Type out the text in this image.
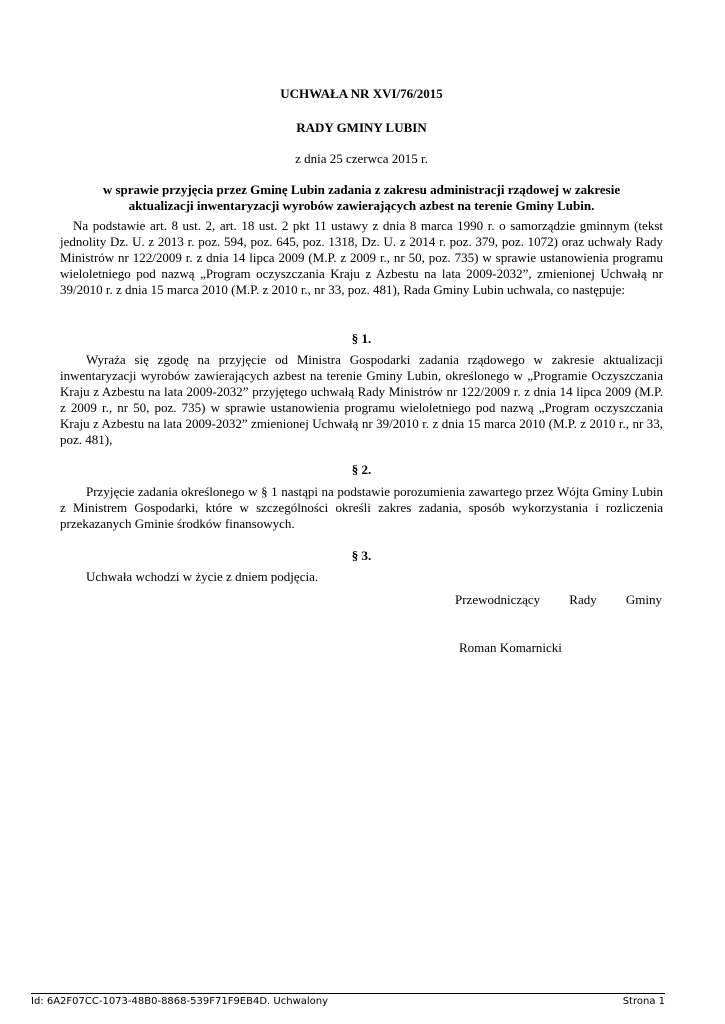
UCHWAŁA NR XVI/76/2015
RADY GMINY LUBIN
z dnia 25 czerwca 2015 r.
w sprawie przyjęcia przez Gminę Lubin zadania z zakresu administracji rządowej w zakresie
aktualizacji inwentaryzacji wyrobów zawierających azbest na terenie Gminy Lubin.
Na podstawie art. 8 ust. 2, art. 18 ust. 2 pkt 11 ustawy z dnia 8 marca 1990 r. o samorządzie gminnym (tekst jednolity Dz. U. z 2013 r. poz. 594, poz. 645, poz. 1318, Dz. U. z 2014 r. poz. 379, poz. 1072) oraz uchwały Rady Ministrów nr 122/2009 r. z dnia 14 lipca 2009 (M.P. z 2009 r., nr 50, poz. 735) w sprawie ustanowienia programu wieloletniego pod nazwą „Program oczyszczania Kraju z Azbestu na lata 2009-2032”, zmienionej Uchwałą nr 39/2010 r. z dnia 15 marca 2010 (M.P. z 2010 r., nr 33, poz. 481), Rada Gminy Lubin uchwala, co następuje:
§ 1.
Wyraża się zgodę na przyjęcie od Ministra Gospodarki zadania rządowego w zakresie aktualizacji inwentaryzacji wyrobów zawierających azbest na terenie Gminy Lubin, określonego w „Programie Oczyszczania Kraju z Azbestu na lata 2009-2032” przyjętego uchwałą Rady Ministrów nr 122/2009 r. z dnia 14 lipca 2009 (M.P. z 2009 r., nr 50, poz. 735) w sprawie ustanowienia programu wieloletniego pod nazwą „Program oczyszczania Kraju z Azbestu na lata 2009-2032” zmienionej Uchwałą nr 39/2010 r. z dnia 15 marca 2010 (M.P. z 2010 r., nr 33, poz. 481),
§ 2.
Przyjęcie zadania określonego w § 1 nastąpi na podstawie porozumienia zawartego przez Wójta Gminy Lubin z Ministrem Gospodarki, które w szczególności określi zakres zadania, sposób wykorzystania i rozliczenia przekazanych Gminie środków finansowych.
§ 3.
Uchwała wchodzi w życie z dniem podjęcia.
Przewodniczący Rady Gminy
Roman Komarnicki
Id: 6A2F07CC-1073-48B0-8868-539F71F9EB4D. Uchwalony	Strona 1
